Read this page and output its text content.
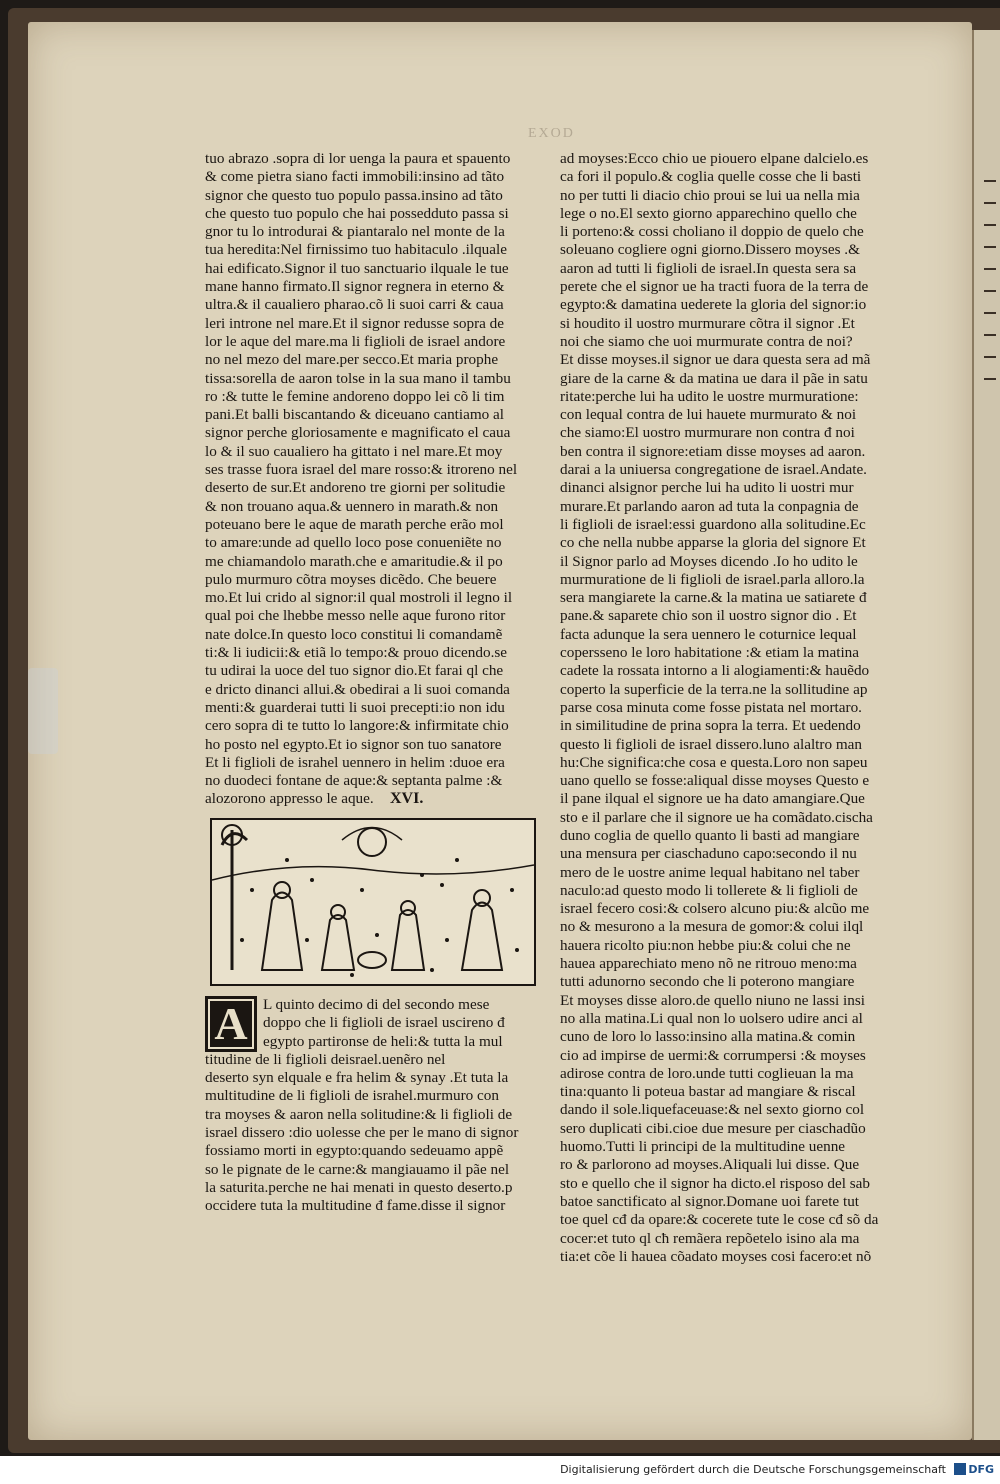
EXOD
tuo abrazo .sopra di lor uenga la paura et spauento
& come pietra siano facti immobili:insino ad tãto
signor che questo tuo populo passa.insino ad tãto
che questo tuo populo che hai possedduto passa si
gnor tu lo introdurai & piantaralo nel monte de la
tua heredita:Nel firnissimo tuo habitaculo .ilquale
hai edificato.Signor il tuo sanctuario ilquale le tue
mane hanno firmato.Il signor regnera in eterno &
ultra.& il caualiero pharao.cõ li suoi carri & caua
leri introne nel mare.Et il signor redusse sopra de
lor le aque del mare.ma li figlioli de israel andore
no nel mezo del mare.per secco.Et maria prophe
tissa:sorella de aaron tolse in la sua mano il tambu
ro :& tutte le femine andoreno doppo lei cõ li tim
pani.Et balli biscantando & diceuano cantiamo al
signor perche gloriosamente e magnificato el caua
lo & il suo caualiero ha gittato i nel mare.Et moy
ses trasse fuora israel del mare rosso:& itroreno nel
deserto de sur.Et andoreno tre giorni per solitudie
& non trouano aqua.& uennero in marath.& non
poteuano bere le aque de marath perche erão mol
to amare:unde ad quello loco pose conueniẽte no
me chiamandolo marath.che e amaritudie.& il po
pulo murmuro cõtra moyses dicẽdo. Che beuere
mo.Et lui crido al signor:il qual mostroli il legno il
qual poi che lhebbe messo nelle aque furono ritor
nate dolce.In questo loco constitui li comandamẽ
ti:& li iudicii:& etiã lo tempo:& prouo dicendo.se
tu udirai la uoce del tuo signor dio.Et farai ql che
e dricto dinanci allui.& obedirai a li suoi comanda
menti:& guarderai tutti li suoi precepti:io non idu
cero sopra di te tutto lo langore:& infirmitate chio
ho posto nel egypto.Et io signor son tuo sanatore
Et li figlioli de israhel uennero in helim :duoe era
no duodeci fontane de aque:& septanta palme :&
alozorono appresso le aque.	XVI.
A	L quinto decimo di del secondo mese
doppo che li figlioli de israel uscireno đ
egypto partironse de heli:& tutta la mul
titudine de li figlioli deisrael.uenẽro nel
deserto syn elquale e fra helim & synay .Et tuta la
multitudine de li figlioli de israhel.murmuro con
tra moyses & aaron nella solitudine:& li figlioli de
israel dissero :dio uolesse che per le mano di signor
fossiamo morti in egypto:quando sedeuamo appẽ
so le pignate de le carne:& mangiauamo il pãe nel
la saturita.perche ne hai menati in questo deserto.p
occidere tuta la multitudine đ fame.disse il signor
ad moyses:Ecco chio ue piouero elpane dalcielo.es
ca fori il populo.& coglia quelle cosse che li basti
no per tutti li diacio chio proui se lui ua nella mia
lege o no.El sexto giorno apparechino quello che
li porteno:& cossi choliano il doppio de quelo che
soleuano cogliere ogni giorno.Dissero moyses .&
aaron ad tutti li figlioli de israel.In questa sera sa
perete che el signor ue ha tracti fuora de la terra de
egypto:& damatina uederete la gloria del signor:io
si houdito il uostro murmurare cõtra il signor .Et
noi che siamo che uoi murmurate contra de noi?
Et disse moyses.il signor ue dara questa sera ad mã
giare de la carne & da matina ue dara il pãe in satu
ritate:perche lui ha udito le uostre murmuratione:
con lequal contra de lui hauete murmurato & noi
che siamo:El uostro murmurare non contra đ noi
ben contra il signore:etiam disse moyses ad aaron.
darai a la uniuersa congregatione de israel.Andate.
dinanci alsignor perche lui ha udito li uostri mur
murare.Et parlando aaron ad tuta la conpagnia de
li figlioli de israel:essi guardono alla solitudine.Ec
co che nella nubbe apparse la gloria del signore Et
il Signor parlo ad Moyses dicendo .Io ho udito le
murmuratione de li figlioli de israel.parla alloro.la
sera mangiarete la carne.& la matina ue satiarete đ
pane.& saparete chio son il uostro signor dio . Et
facta adunque la sera uennero le coturnice lequal
copersseno le loro habitatione :& etiam la matina
cadete la rossata intorno a li alogiamenti:& hauẽdo
coperto la superficie de la terra.ne la sollitudine ap
parse cosa minuta come fosse pistata nel mortaro.
in similitudine de prina sopra la terra. Et uedendo
questo li figlioli de israel dissero.luno alaltro man
hu:Che significa:che cosa e questa.Loro non sapeu
uano quello se fosse:aliqual disse moyses Questo e
il pane ilqual el signore ue ha dato amangiare.Que
sto e il parlare che il signore ue ha comãdato.cischa
duno coglia de quello quanto li basti ad mangiare
una mensura per ciaschaduno capo:secondo il nu
mero de le uostre anime lequal habitano nel taber
naculo:ad questo modo li tollerete & li figlioli de
israel fecero cosi:& colsero alcuno piu:& alcũo me
no & mesurono a la mesura de gomor:& colui ilql
hauera ricolto piu:non hebbe piu:& colui che ne
hauea apparechiato meno nõ ne ritrouo meno:ma
tutti adunorno secondo che li poterono mangiare
Et moyses disse aloro.de quello niuno ne lassi insi
no alla matina.Li qual non lo uolsero udire anci al
cuno de loro lo lasso:insino alla matina.& comin
cio ad impirse de uermi:& corrumpersi :& moyses
adirose contra de loro.unde tutti coglieuan la ma
tina:quanto li poteua bastar ad mangiare & riscal
dando il sole.liquefaceuase:& nel sexto giorno col
sero duplicati cibi.cioe due mesure per ciaschadũo
huomo.Tutti li principi de la multitudine uenne
ro & parlorono ad moyses.Aliquali lui disse. Que
sto e quello che il signor ha dicto.el risposo del sab
batoe sanctificato al signor.Domane uoi farete tut
toe quel cđ da opare:& cocerete tute le cose cđ sõ da
cocer:et tuto ql cħ remãera repõetelo isino ala ma
tia:et cõe li hauea cõadato moyses cosi facero:et nõ
Digitalisierung gefördert durch die Deutsche Forschungsgemeinschaft DFG
